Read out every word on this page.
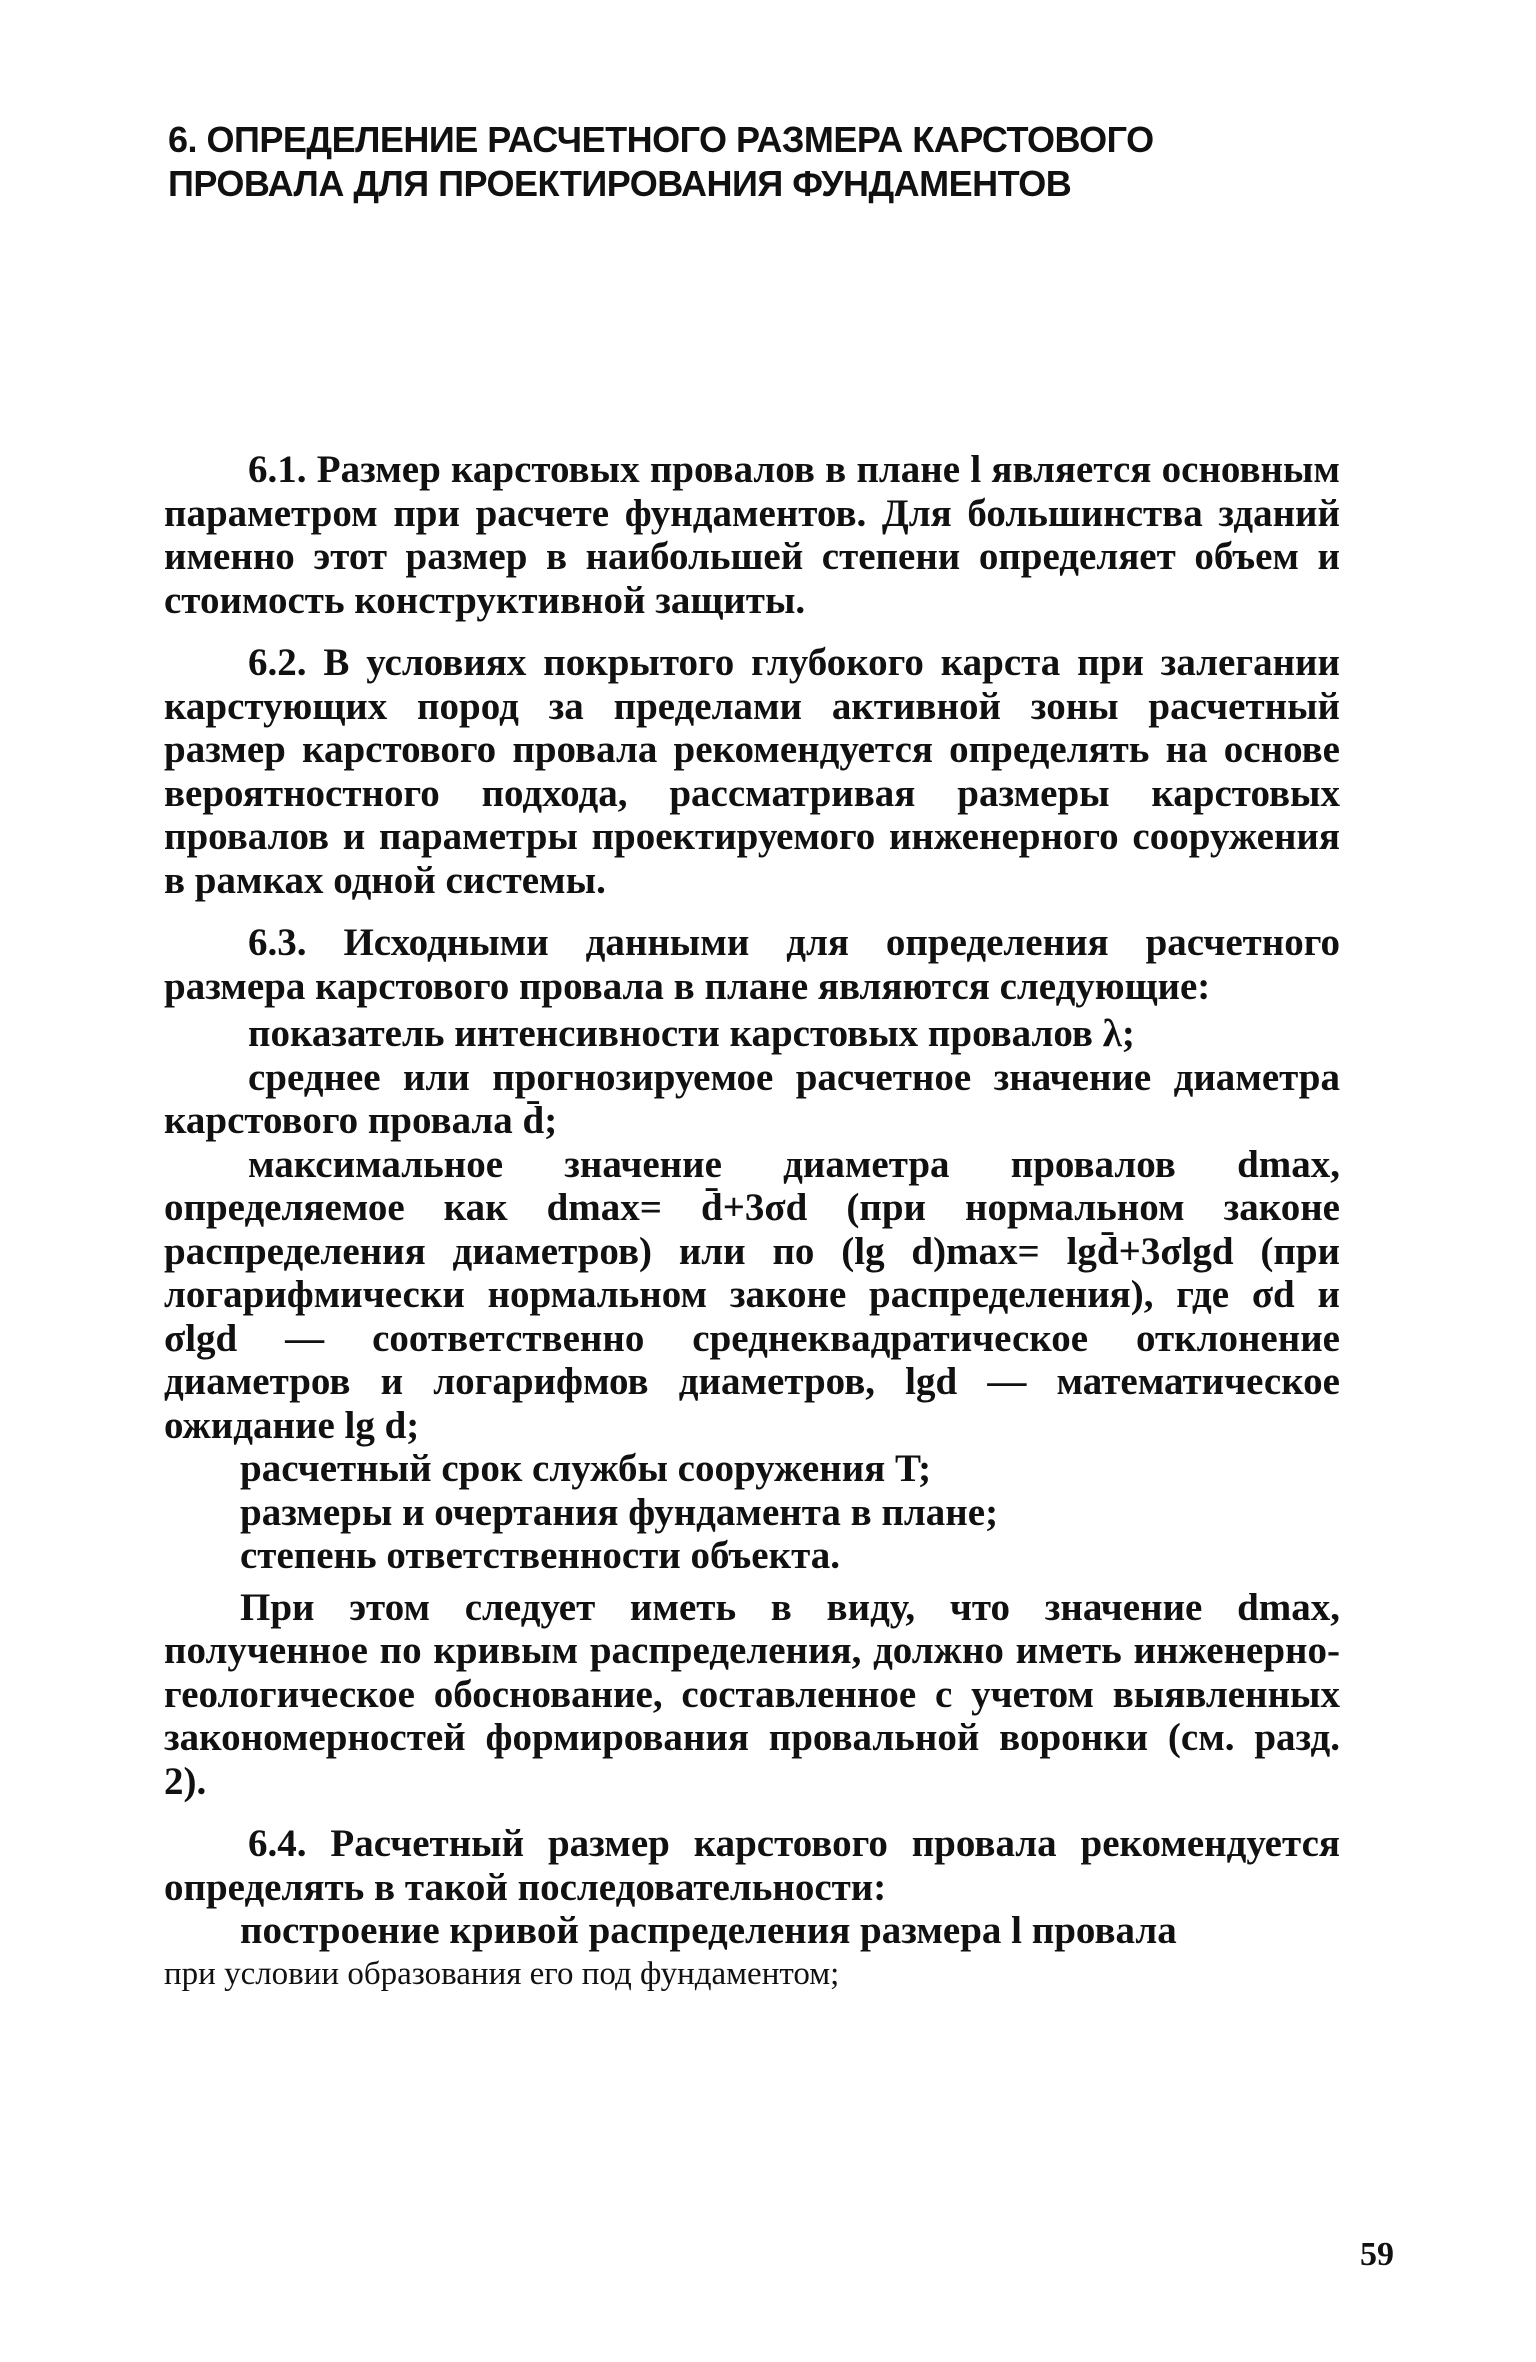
6. ОПРЕДЕЛЕНИЕ РАСЧЕТНОГО РАЗМЕРА КАРСТОВОГО
ПРОВАЛА ДЛЯ ПРОЕКТИРОВАНИЯ ФУНДАМЕНТОВ

6.1. Размер карстовых провалов в плане l является основным параметром при расчете фундаментов. Для большинства зданий именно этот размер в наибольшей степени определяет объем и стоимость конструктивной защиты.

6.2. В условиях покрытого глубокого карста при залегании карстующих пород за пределами активной зоны расчетный размер карстового провала рекомендуется определять на основе вероятностного подхода, рассматривая размеры карстовых провалов и параметры проектируемого инженерного сооружения в рамках одной системы.

6.3. Исходными данными для определения расчетного размера карстового провала в плане являются следующие:

показатель интенсивности карстовых провалов λ;

среднее или прогнозируемое расчетное значение диаметра карстового провала d̄;

максимальное значение диаметра провалов dmax, определяемое как dmax= d̄+3σd (при нормальном законе распределения диаметров) или по (lg d)max= lgd̄+3σlgd (при логарифмически нормальном законе распределения), где σd и σlgd — соответственно среднеквадратическое отклонение диаметров и логарифмов диаметров, lgd — математическое ожидание lg d;

расчетный срок службы сооружения T;

размеры и очертания фундамента в плане;

степень ответственности объекта.

При этом следует иметь в виду, что значение dmax, полученное по кривым распределения, должно иметь инженерно-геологическое обоснование, составленное с учетом выявленных закономерностей формирования провальной воронки (см. разд. 2).

6.4. Расчетный размер карстового провала рекомендуется определять в такой последовательности:

построение кривой распределения размера l провала

при условии образования его под фундаментом;

59
